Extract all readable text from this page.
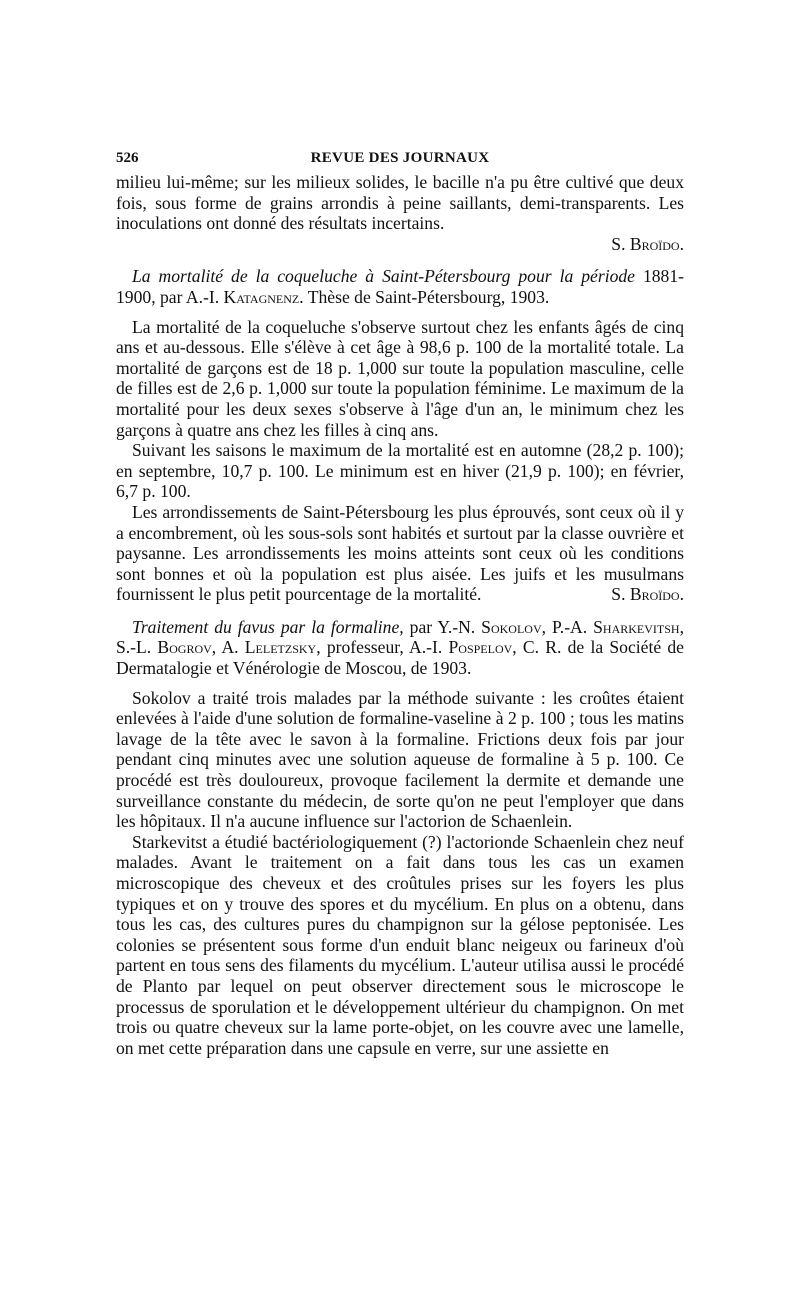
526	REVUE DES JOURNAUX

milieu lui-même; sur les milieux solides, le bacille n'a pu être cultivé que deux fois, sous forme de grains arrondis à peine saillants, demi-transparents. Les inoculations ont donné des résultats incertains.

S. Broïdo.

La mortalité de la coqueluche à Saint-Pétersbourg pour la période 1881-1900, par A.-I. Katagnenz. Thèse de Saint-Pétersbourg, 1903.

La mortalité de la coqueluche s'observe surtout chez les enfants âgés de cinq ans et au-dessous. Elle s'élève à cet âge à 98,6 p. 100 de la mortalité totale. La mortalité de garçons est de 18 p. 1,000 sur toute la population masculine, celle de filles est de 2,6 p. 1,000 sur toute la population féminime. Le maximum de la mortalité pour les deux sexes s'observe à l'âge d'un an, le minimum chez les garçons à quatre ans chez les filles à cinq ans.

Suivant les saisons le maximum de la mortalité est en automne (28,2 p. 100); en septembre, 10,7 p. 100. Le minimum est en hiver (21,9 p. 100); en février, 6,7 p. 100.

Les arrondissements de Saint-Pétersbourg les plus éprouvés, sont ceux où il y a encombrement, où les sous-sols sont habités et surtout par la classe ouvrière et paysanne. Les arrondissements les moins atteints sont ceux où les conditions sont bonnes et où la population est plus aisée. Les juifs et les musulmans fournissent le plus petit pourcentage de la mortalité.	S. Broïdo.

Traitement du favus par la formaline, par Y.-N. Sokolov, P.-A. Sharkevitsh, S.-L. Bogrov, A. Leletzsky, professeur, A.-I. Pospelov, C. R. de la Société de Dermatalogie et Vénérologie de Moscou, de 1903.

Sokolov a traité trois malades par la méthode suivante : les croûtes étaient enlevées à l'aide d'une solution de formaline-vaseline à 2 p. 100 ; tous les matins lavage de la tête avec le savon à la formaline. Frictions deux fois par jour pendant cinq minutes avec une solution aqueuse de formaline à 5 p. 100. Ce procédé est très douloureux, provoque facilement la dermite et demande une surveillance constante du médecin, de sorte qu'on ne peut l'employer que dans les hôpitaux. Il n'a aucune influence sur l'actorion de Schaenlein.

Starkevitst a étudié bactériologiquement (?) l'actorionde Schaenlein chez neuf malades. Avant le traitement on a fait dans tous les cas un examen microscopique des cheveux et des croûtules prises sur les foyers les plus typiques et on y trouve des spores et du mycélium. En plus on a obtenu, dans tous les cas, des cultures pures du champignon sur la gélose peptonisée. Les colonies se présentent sous forme d'un enduit blanc neigeux ou farineux d'où partent en tous sens des filaments du mycélium. L'auteur utilisa aussi le procédé de Planto par lequel on peut observer directement sous le microscope le processus de sporulation et le développement ultérieur du champignon. On met trois ou quatre cheveux sur la lame porte-objet, on les couvre avec une lamelle, on met cette préparation dans une capsule en verre, sur une assiette en
